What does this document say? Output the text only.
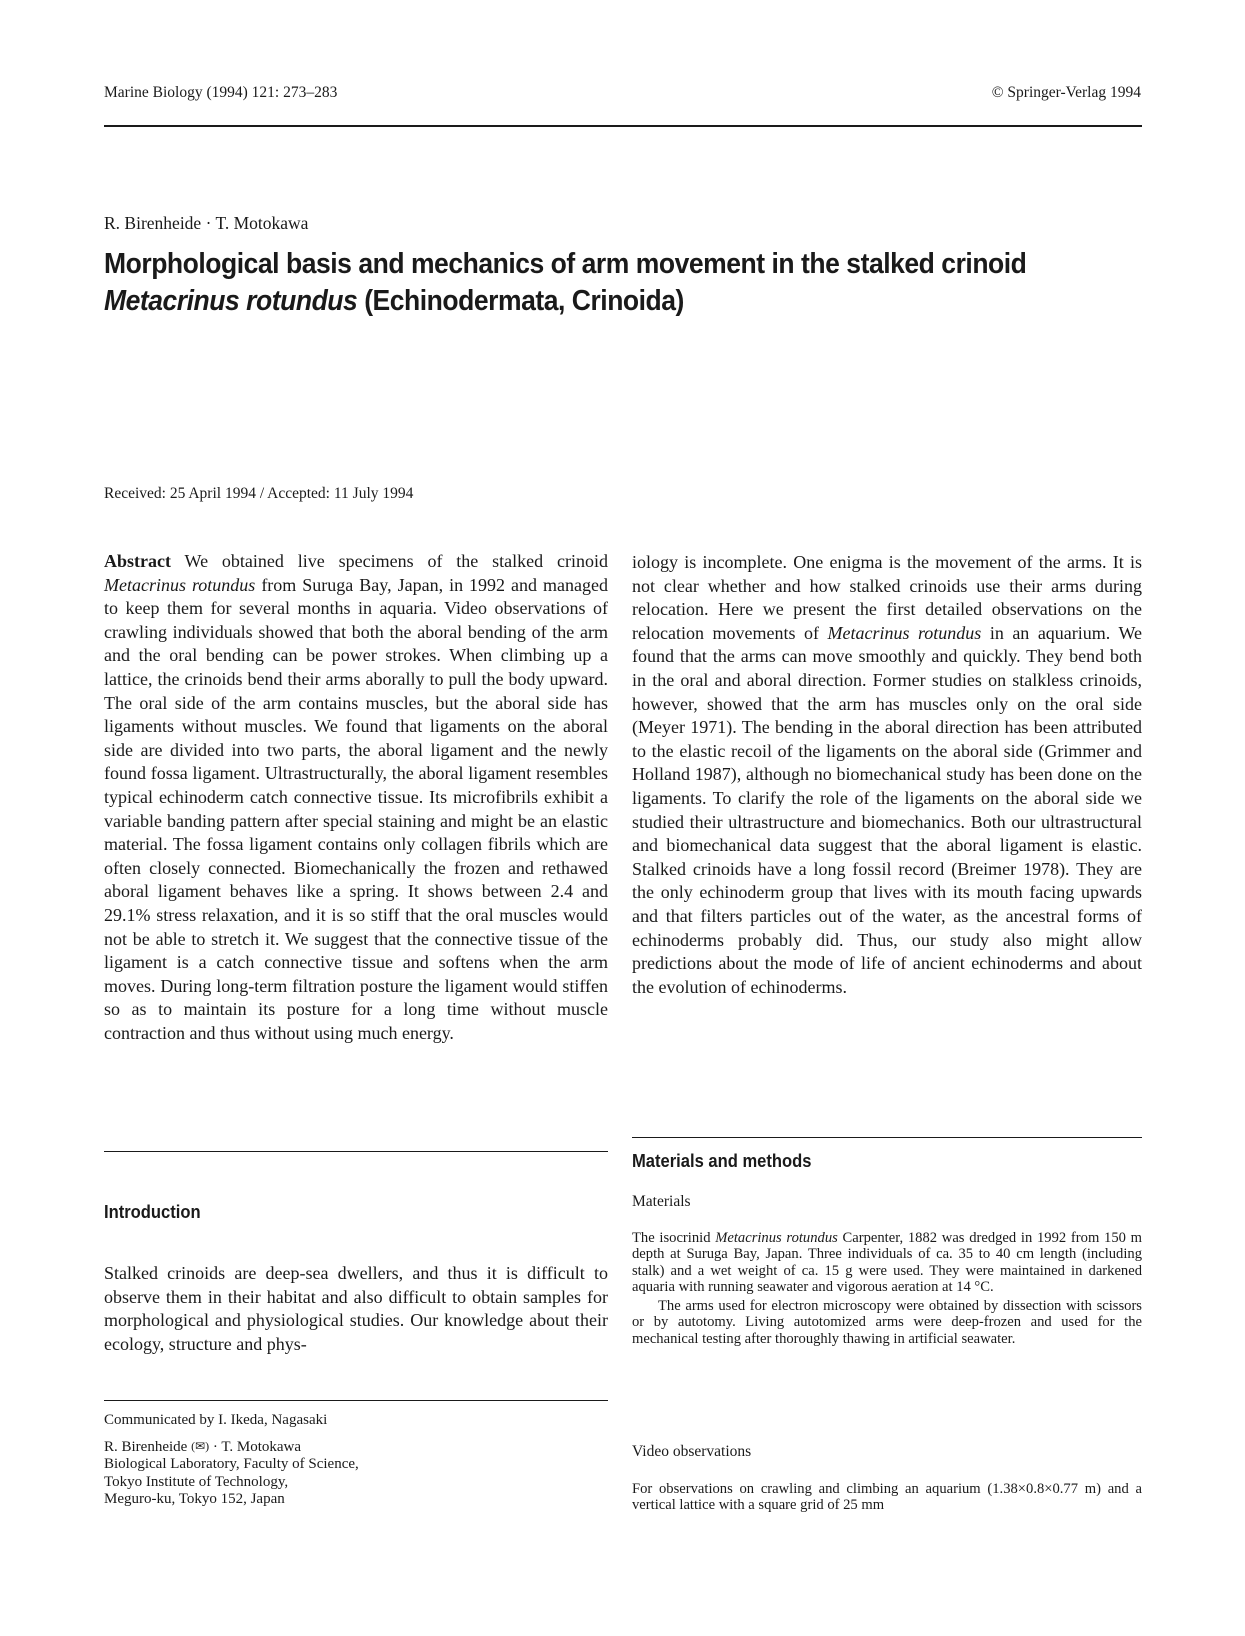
Marine Biology (1994) 121: 273–283	© Springer-Verlag 1994
R. Birenheide · T. Motokawa
Morphological basis and mechanics of arm movement in the stalked crinoid
Metacrinus rotundus (Echinodermata, Crinoida)
Received: 25 April 1994 / Accepted: 11 July 1994

Abstract We obtained live specimens of the stalked crinoid Metacrinus rotundus from Suruga Bay, Japan, in 1992 and managed to keep them for several months in aquaria. Video observations of crawling individuals showed that both the aboral bending of the arm and the oral bending can be power strokes. When climbing up a lattice, the crinoids bend their arms aborally to pull the body upward. The oral side of the arm contains muscles, but the aboral side has ligaments without muscles. We found that ligaments on the aboral side are divided into two parts, the aboral ligament and the newly found fossa ligament. Ultrastructurally, the aboral ligament resembles typical echinoderm catch connective tissue. Its microfibrils exhibit a variable banding pattern after special staining and might be an elastic material. The fossa ligament contains only collagen fibrils which are often closely connected. Biomechanically the frozen and rethawed aboral ligament behaves like a spring. It shows between 2.4 and 29.1% stress relaxation, and it is so stiff that the oral muscles would not be able to stretch it. We suggest that the connective tissue of the ligament is a catch connective tissue and softens when the arm moves. During long-term filtration posture the ligament would stiffen so as to maintain its posture for a long time without muscle contraction and thus without using much energy.

Introduction

Stalked crinoids are deep-sea dwellers, and thus it is difficult to observe them in their habitat and also difficult to obtain samples for morphological and physiological studies. Our knowledge about their ecology, structure and phys-

Communicated by I. Ikeda, Nagasaki
R. Birenheide (✉) · T. Motokawa
Biological Laboratory, Faculty of Science,
Tokyo Institute of Technology,
Meguro-ku, Tokyo 152, Japan

iology is incomplete. One enigma is the movement of the arms. It is not clear whether and how stalked crinoids use their arms during relocation. Here we present the first detailed observations on the relocation movements of Metacrinus rotundus in an aquarium. We found that the arms can move smoothly and quickly. They bend both in the oral and aboral direction. Former studies on stalkless crinoids, however, showed that the arm has muscles only on the oral side (Meyer 1971). The bending in the aboral direction has been attributed to the elastic recoil of the ligaments on the aboral side (Grimmer and Holland 1987), although no biomechanical study has been done on the ligaments. To clarify the role of the ligaments on the aboral side we studied their ultrastructure and biomechanics. Both our ultrastructural and biomechanical data suggest that the aboral ligament is elastic. Stalked crinoids have a long fossil record (Breimer 1978). They are the only echinoderm group that lives with its mouth facing upwards and that filters particles out of the water, as the ancestral forms of echinoderms probably did. Thus, our study also might allow predictions about the mode of life of ancient echinoderms and about the evolution of echinoderms.

Materials and methods
Materials

The isocrinid Metacrinus rotundus Carpenter, 1882 was dredged in 1992 from 150 m depth at Suruga Bay, Japan. Three individuals of ca. 35 to 40 cm length (including stalk) and a wet weight of ca. 15 g were used. They were maintained in darkened aquaria with running seawater and vigorous aeration at 14 °C.

The arms used for electron microscopy were obtained by dissection with scissors or by autotomy. Living autotomized arms were deep-frozen and used for the mechanical testing after thoroughly thawing in artificial seawater.

Video observations

For observations on crawling and climbing an aquarium (1.38×0.8×0.77 m) and a vertical lattice with a square grid of 25 mm
